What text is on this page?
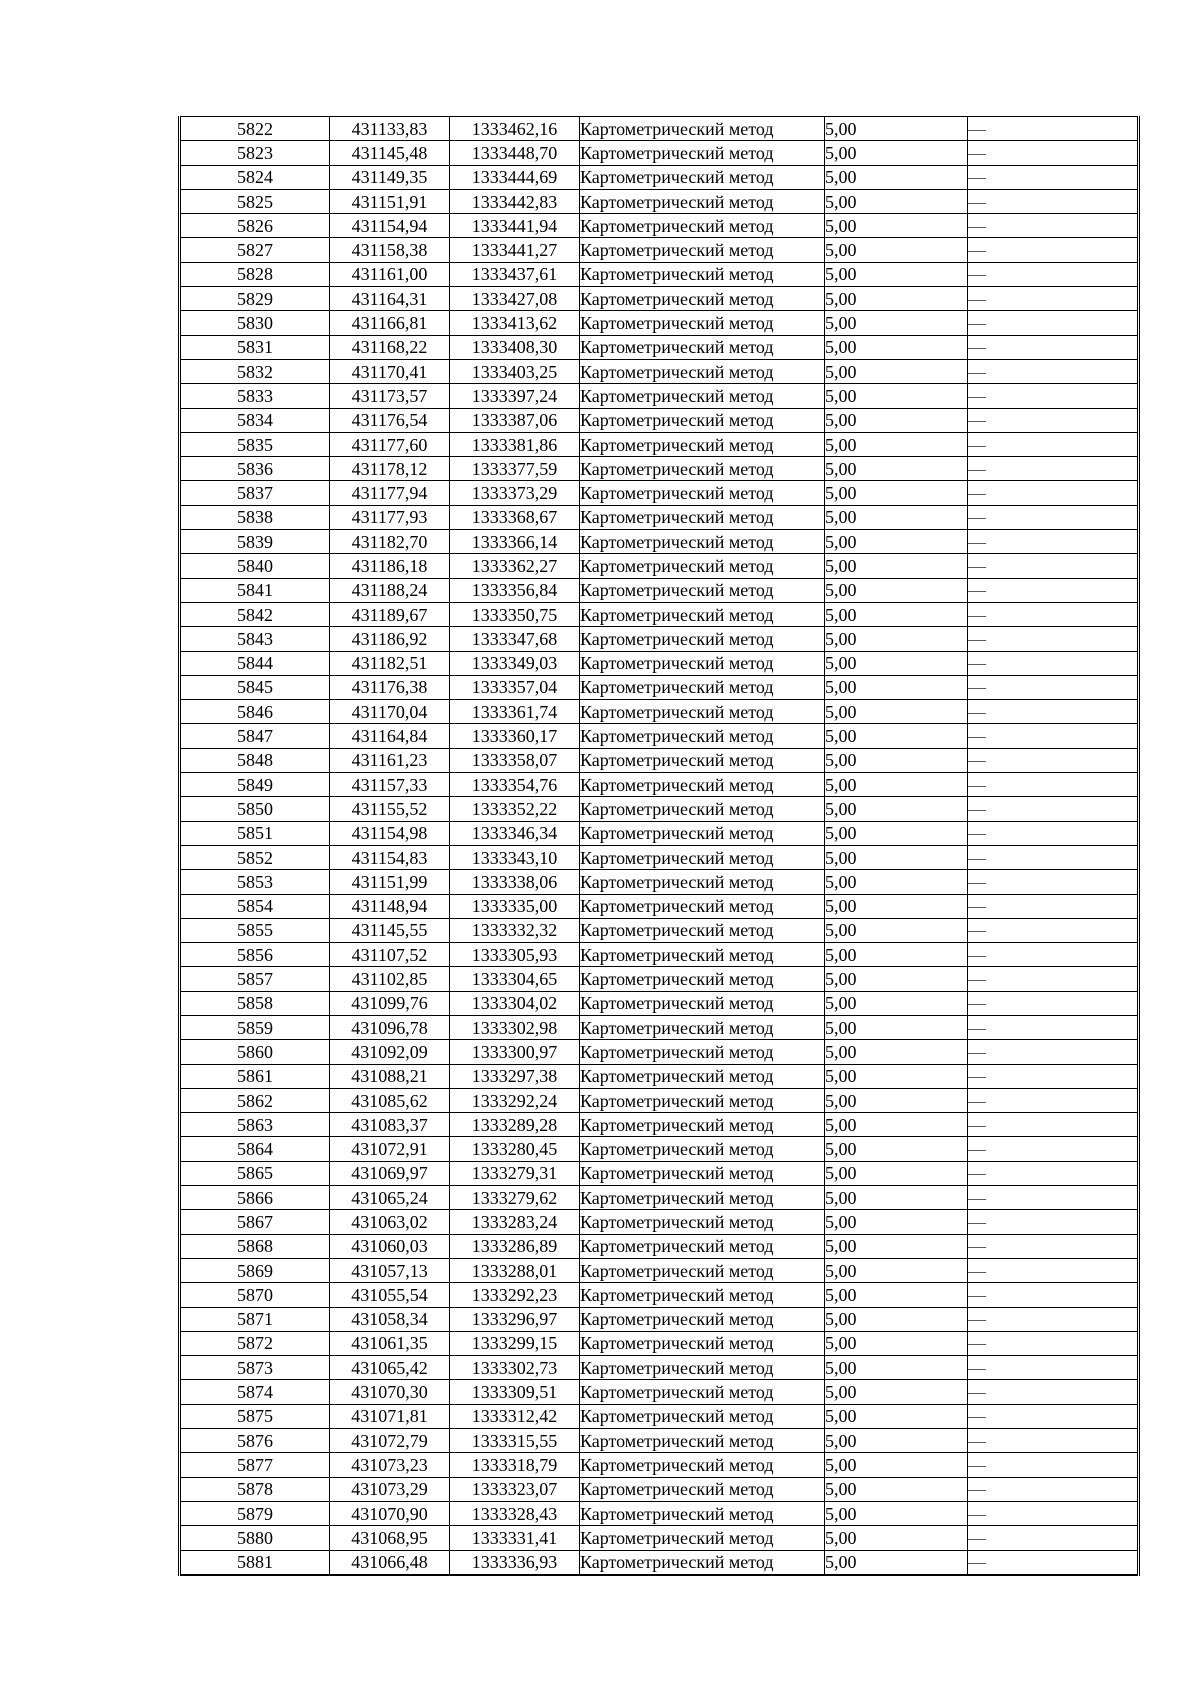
5822	431133,83	1333462,16	Картометрический метод	5,00	—
5823	431145,48	1333448,70	Картометрический метод	5,00	—
5824	431149,35	1333444,69	Картометрический метод	5,00	—
5825	431151,91	1333442,83	Картометрический метод	5,00	—
5826	431154,94	1333441,94	Картометрический метод	5,00	—
5827	431158,38	1333441,27	Картометрический метод	5,00	—
5828	431161,00	1333437,61	Картометрический метод	5,00	—
5829	431164,31	1333427,08	Картометрический метод	5,00	—
5830	431166,81	1333413,62	Картометрический метод	5,00	—
5831	431168,22	1333408,30	Картометрический метод	5,00	—
5832	431170,41	1333403,25	Картометрический метод	5,00	—
5833	431173,57	1333397,24	Картометрический метод	5,00	—
5834	431176,54	1333387,06	Картометрический метод	5,00	—
5835	431177,60	1333381,86	Картометрический метод	5,00	—
5836	431178,12	1333377,59	Картометрический метод	5,00	—
5837	431177,94	1333373,29	Картометрический метод	5,00	—
5838	431177,93	1333368,67	Картометрический метод	5,00	—
5839	431182,70	1333366,14	Картометрический метод	5,00	—
5840	431186,18	1333362,27	Картометрический метод	5,00	—
5841	431188,24	1333356,84	Картометрический метод	5,00	—
5842	431189,67	1333350,75	Картометрический метод	5,00	—
5843	431186,92	1333347,68	Картометрический метод	5,00	—
5844	431182,51	1333349,03	Картометрический метод	5,00	—
5845	431176,38	1333357,04	Картометрический метод	5,00	—
5846	431170,04	1333361,74	Картометрический метод	5,00	—
5847	431164,84	1333360,17	Картометрический метод	5,00	—
5848	431161,23	1333358,07	Картометрический метод	5,00	—
5849	431157,33	1333354,76	Картометрический метод	5,00	—
5850	431155,52	1333352,22	Картометрический метод	5,00	—
5851	431154,98	1333346,34	Картометрический метод	5,00	—
5852	431154,83	1333343,10	Картометрический метод	5,00	—
5853	431151,99	1333338,06	Картометрический метод	5,00	—
5854	431148,94	1333335,00	Картометрический метод	5,00	—
5855	431145,55	1333332,32	Картометрический метод	5,00	—
5856	431107,52	1333305,93	Картометрический метод	5,00	—
5857	431102,85	1333304,65	Картометрический метод	5,00	—
5858	431099,76	1333304,02	Картометрический метод	5,00	—
5859	431096,78	1333302,98	Картометрический метод	5,00	—
5860	431092,09	1333300,97	Картометрический метод	5,00	—
5861	431088,21	1333297,38	Картометрический метод	5,00	—
5862	431085,62	1333292,24	Картометрический метод	5,00	—
5863	431083,37	1333289,28	Картометрический метод	5,00	—
5864	431072,91	1333280,45	Картометрический метод	5,00	—
5865	431069,97	1333279,31	Картометрический метод	5,00	—
5866	431065,24	1333279,62	Картометрический метод	5,00	—
5867	431063,02	1333283,24	Картометрический метод	5,00	—
5868	431060,03	1333286,89	Картометрический метод	5,00	—
5869	431057,13	1333288,01	Картометрический метод	5,00	—
5870	431055,54	1333292,23	Картометрический метод	5,00	—
5871	431058,34	1333296,97	Картометрический метод	5,00	—
5872	431061,35	1333299,15	Картометрический метод	5,00	—
5873	431065,42	1333302,73	Картометрический метод	5,00	—
5874	431070,30	1333309,51	Картометрический метод	5,00	—
5875	431071,81	1333312,42	Картометрический метод	5,00	—
5876	431072,79	1333315,55	Картометрический метод	5,00	—
5877	431073,23	1333318,79	Картометрический метод	5,00	—
5878	431073,29	1333323,07	Картометрический метод	5,00	—
5879	431070,90	1333328,43	Картометрический метод	5,00	—
5880	431068,95	1333331,41	Картометрический метод	5,00	—
5881	431066,48	1333336,93	Картометрический метод	5,00	—
